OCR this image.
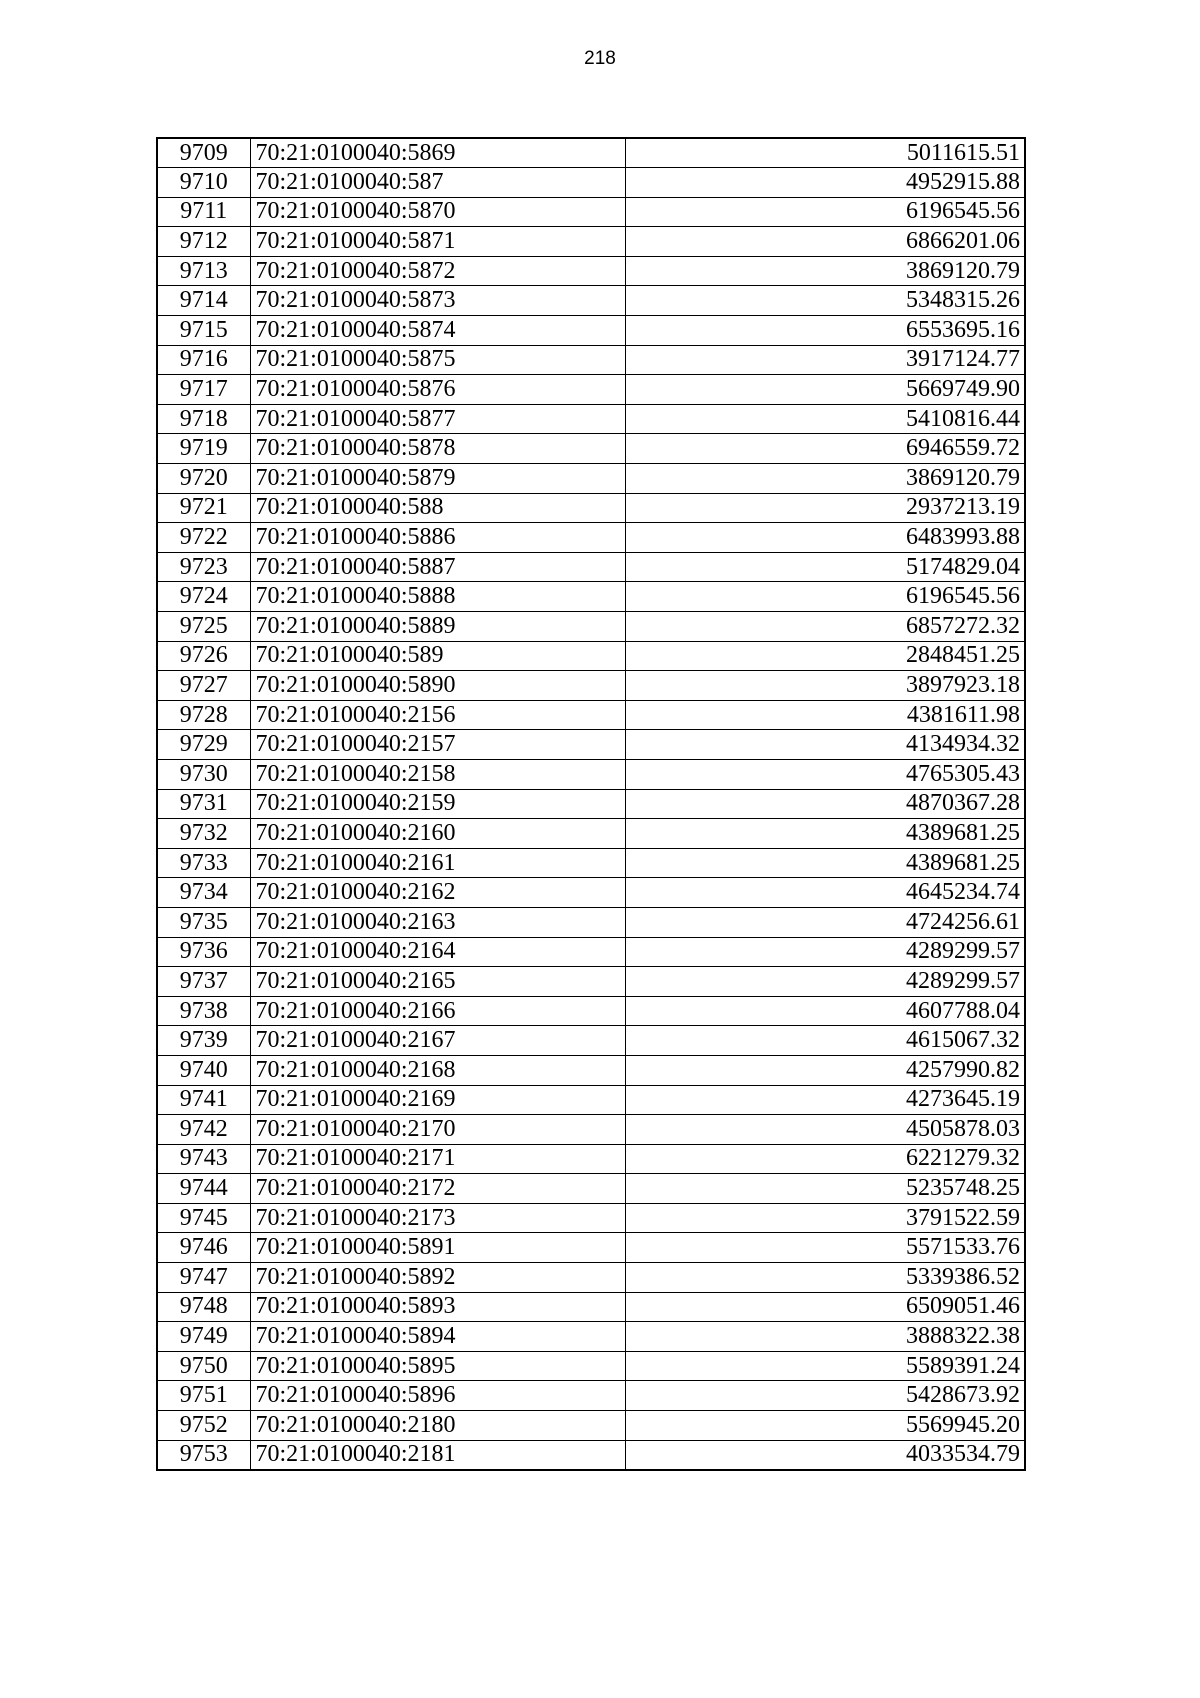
218
9709	70:21:0100040:5869	5011615.51
9710	70:21:0100040:587	4952915.88
9711	70:21:0100040:5870	6196545.56
9712	70:21:0100040:5871	6866201.06
9713	70:21:0100040:5872	3869120.79
9714	70:21:0100040:5873	5348315.26
9715	70:21:0100040:5874	6553695.16
9716	70:21:0100040:5875	3917124.77
9717	70:21:0100040:5876	5669749.90
9718	70:21:0100040:5877	5410816.44
9719	70:21:0100040:5878	6946559.72
9720	70:21:0100040:5879	3869120.79
9721	70:21:0100040:588	2937213.19
9722	70:21:0100040:5886	6483993.88
9723	70:21:0100040:5887	5174829.04
9724	70:21:0100040:5888	6196545.56
9725	70:21:0100040:5889	6857272.32
9726	70:21:0100040:589	2848451.25
9727	70:21:0100040:5890	3897923.18
9728	70:21:0100040:2156	4381611.98
9729	70:21:0100040:2157	4134934.32
9730	70:21:0100040:2158	4765305.43
9731	70:21:0100040:2159	4870367.28
9732	70:21:0100040:2160	4389681.25
9733	70:21:0100040:2161	4389681.25
9734	70:21:0100040:2162	4645234.74
9735	70:21:0100040:2163	4724256.61
9736	70:21:0100040:2164	4289299.57
9737	70:21:0100040:2165	4289299.57
9738	70:21:0100040:2166	4607788.04
9739	70:21:0100040:2167	4615067.32
9740	70:21:0100040:2168	4257990.82
9741	70:21:0100040:2169	4273645.19
9742	70:21:0100040:2170	4505878.03
9743	70:21:0100040:2171	6221279.32
9744	70:21:0100040:2172	5235748.25
9745	70:21:0100040:2173	3791522.59
9746	70:21:0100040:5891	5571533.76
9747	70:21:0100040:5892	5339386.52
9748	70:21:0100040:5893	6509051.46
9749	70:21:0100040:5894	3888322.38
9750	70:21:0100040:5895	5589391.24
9751	70:21:0100040:5896	5428673.92
9752	70:21:0100040:2180	5569945.20
9753	70:21:0100040:2181	4033534.79
